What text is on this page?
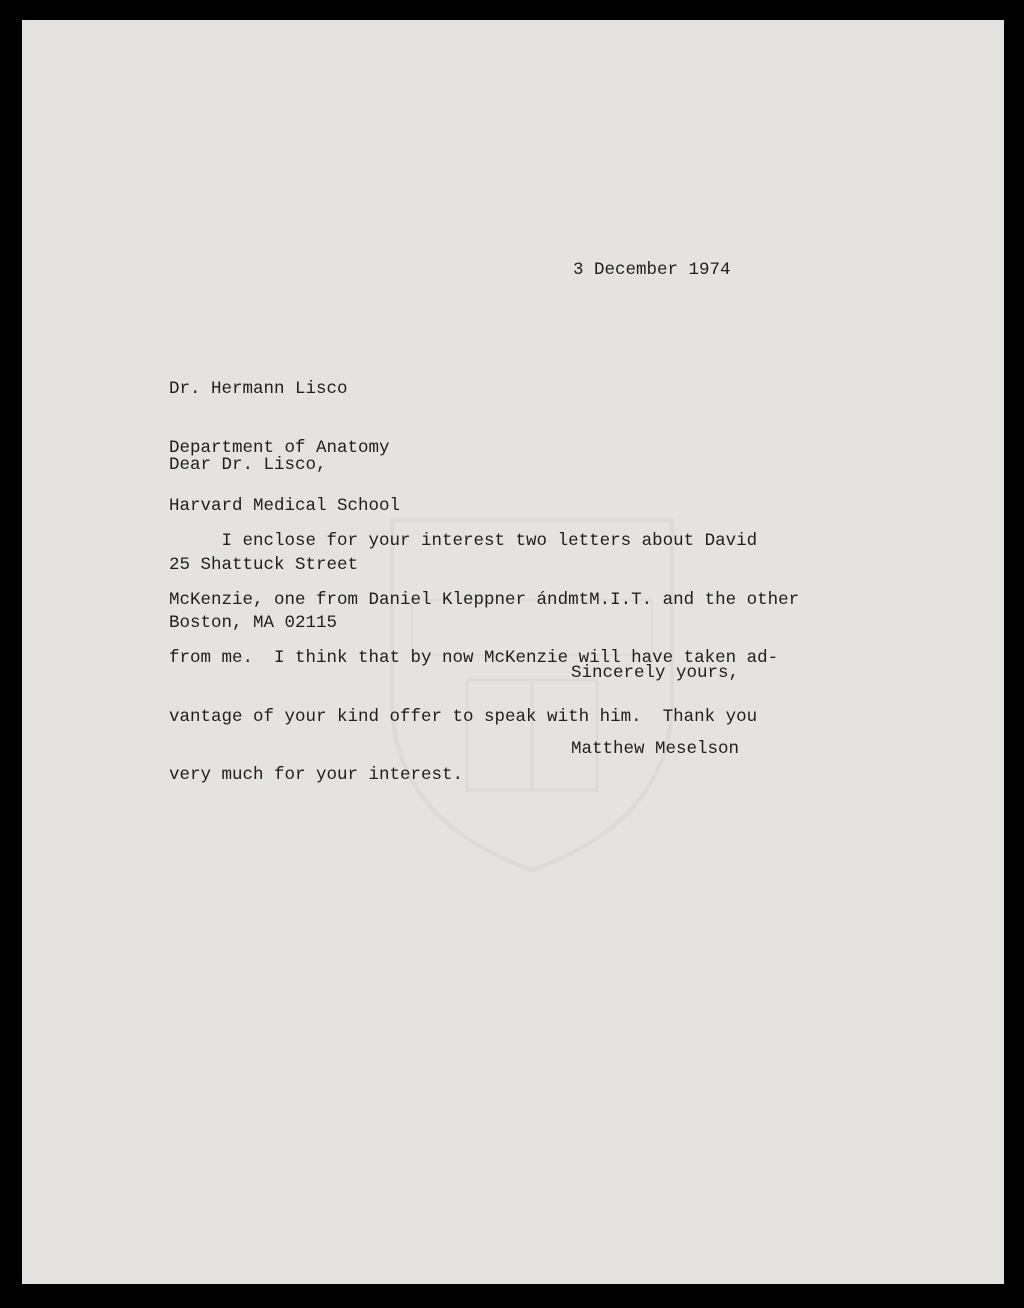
3 December 1974

Dr. Hermann Lisco

Department of Anatomy

Harvard Medical School

25 Shattuck Street

Boston, MA 02115

Dear Dr. Lisco,

I enclose for your interest two letters about David

McKenzie, one from Daniel Kleppner ándmtM.I.T. and the other

from me.  I think that by now McKenzie will have taken ad-

vantage of your kind offer to speak with him.  Thank you

very much for your interest.

Sincerely yours,
Matthew Meselson
